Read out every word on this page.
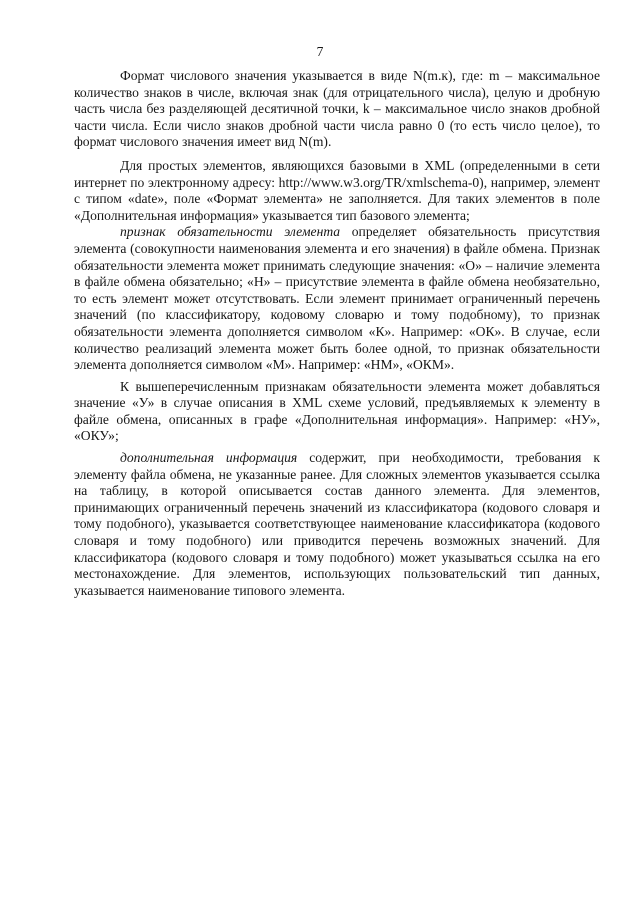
7

Формат числового значения указывается в виде N(m.к), где: m – максимальное количество знаков в числе, включая знак (для отрицательного числа), целую и дробную часть числа без разделяющей десятичной точки, k – максимальное число знаков дробной части числа. Если число знаков дробной части числа равно 0 (то есть число целое), то формат числового значения имеет вид N(m).

Для простых элементов, являющихся базовыми в XML (определенными в сети интернет по электронному адресу: http://www.w3.org/TR/xmlschema-0), например, элемент с типом «date», поле «Формат элемента» не заполняется. Для таких элементов в поле «Дополнительная информация» указывается тип базового элемента;

признак обязательности элемента определяет обязательность присутствия элемента (совокупности наименования элемента и его значения) в файле обмена. Признак обязательности элемента может принимать следующие значения: «О» – наличие элемента в файле обмена обязательно; «Н» – присутствие элемента в файле обмена необязательно, то есть элемент может отсутствовать. Если элемент принимает ограниченный перечень значений (по классификатору, кодовому словарю и тому подобному), то признак обязательности элемента дополняется символом «К». Например: «ОК». В случае, если количество реализаций элемента может быть более одной, то признак обязательности элемента дополняется символом «М». Например: «НМ», «ОКМ».

К вышеперечисленным признакам обязательности элемента может добавляться значение «У» в случае описания в XML схеме условий, предъявляемых к элементу в файле обмена, описанных в графе «Дополнительная информация». Например: «НУ», «ОКУ»;

дополнительная информация содержит, при необходимости, требования к элементу файла обмена, не указанные ранее. Для сложных элементов указывается ссылка на таблицу, в которой описывается состав данного элемента. Для элементов, принимающих ограниченный перечень значений из классификатора (кодового словаря и тому подобного), указывается соответствующее наименование классификатора (кодового словаря и тому подобного) или приводится перечень возможных значений. Для классификатора (кодового словаря и тому подобного) может указываться ссылка на его местонахождение. Для элементов, использующих пользовательский тип данных, указывается наименование типового элемента.
